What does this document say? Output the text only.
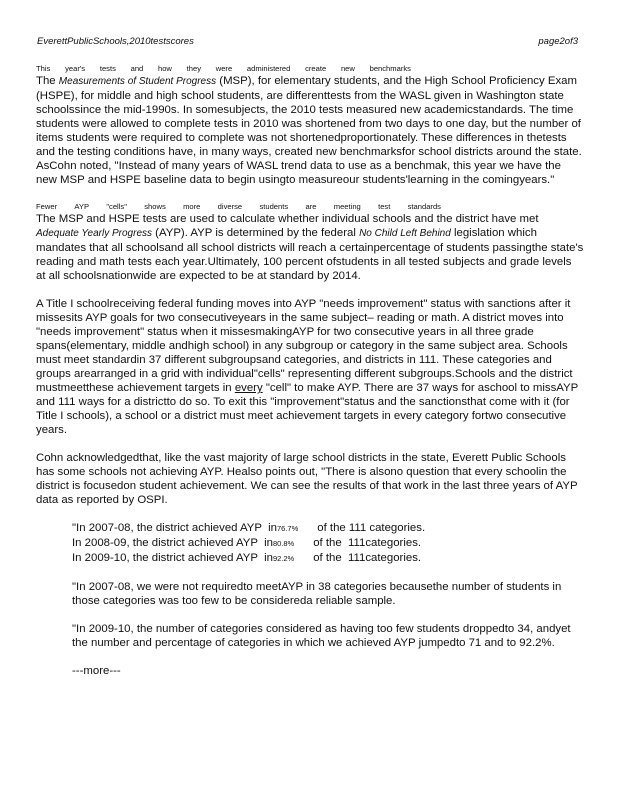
EverettPublicSchools,2010testscores	page2of3
This year's tests and how they were administered create new benchmarks

The Measurements of Student Progress (MSP), for elementary students, and the High School Proficiency Exam (HSPE), for middle and high school students, are differenttests from the WASL given in Washington state schoolssince the mid-1990s. In somesubjects, the 2010 tests measured new academicstandards. The time students were allowed to complete tests in 2010 was shortened from two days to one day, but the number of items students were required to complete was not shortenedproportionately. These differences in thetests and the testing conditions have, in many ways, created new benchmarksfor school districts around the state. AsCohn noted, "Instead of many years of WASL trend data to use as a benchmak, this year we have the new MSP and HSPE baseline data to begin usingto measureour students'learning in the comingyears."

Fewer AYP "cells" shows more diverse students are meeting test standards

The MSP and HSPE tests are used to calculate whether individual schools and the district have met Adequate Yearly Progress (AYP). AYP is determined by the federal No Child Left Behind legislation which mandates that all schoolsand all school districts will reach a certainpercentage of students passingthe state's reading and math tests each year.Ultimately, 100 percent ofstudents in all tested subjects and grade levels at all schoolsnationwide are expected to be at standard by 2014.

A Title I schoolreceiving federal funding moves into AYP "needs improvement" status with sanctions after it missesits AYP goals for two consecutiveyears in the same subject– reading or math. A district moves into "needs improvement" status when it missesmakingAYP for two consecutive years in all three grade spans(elementary, middle andhigh school) in any subgroup or category in the same subject area. Schools must meet standardin 37 different subgroupsand categories, and districts in 111. These categories and groups arearranged in a grid with individual"cells" representing different subgroups.Schools and the district mustmeetthese achievement targets in every "cell" to make AYP. There are 37 ways for aschool to missAYP and 111 ways for a districtto do so. To exit this "improvement"status and the sanctionsthat come with it (for Title I schools), a school or a district must meet achievement targets in every category fortwo consecutive years.

Cohn acknowledgedthat, like the vast majority of large school districts in the state, Everett Public Schools has some schools not achieving AYP. Healso points out, "There is alsono question that every schoolin the district is focusedon student achievement. We can see the results of that work in the last three years of AYP data as reported by OSPI.

"In 2007-08, the district achieved AYP  in76.7%      of the 111 categories.
In 2008-09, the district achieved AYP  in80.8%      of the  111categories.
In 2009-10, the district achieved AYP  in92.2%      of the  111categories.

"In 2007-08, we were not requiredto meetAYP in 38 categories becausethe number of students in those categories was too few to be considereda reliable sample.

"In 2009-10, the number of categories considered as having too few students droppedto 34, andyet the number and percentage of categories in which we achieved AYP jumpedto 71 and to 92.2%.

---more---
